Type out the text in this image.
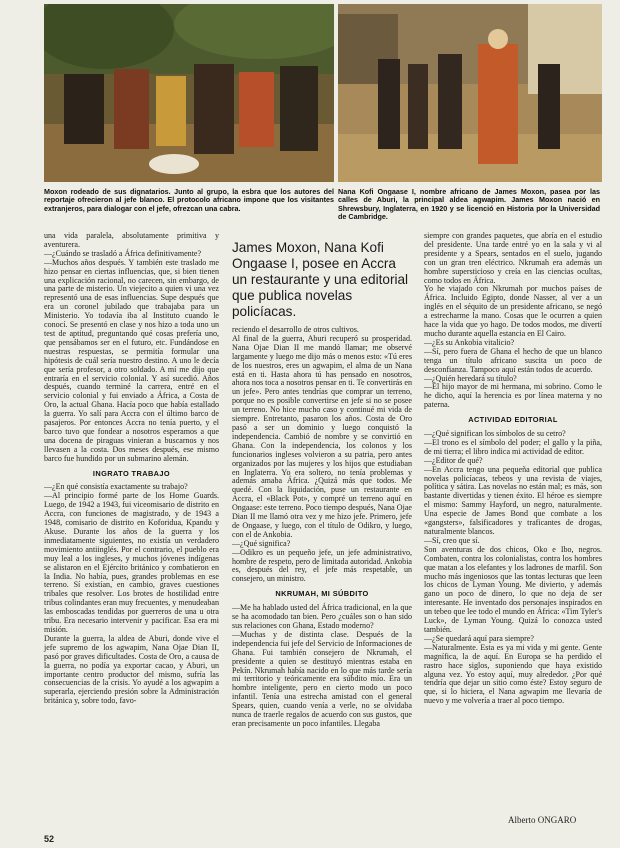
Moxon rodeado de sus dignatarios. Junto al grupo, la esbra que los autores del reportaje ofrecieron al jefe blanco. El protocolo africano impone que los visitantes extranjeros, para dialogar con el jefe, ofrezcan una cabra.
Nana Kofi Ongaase I, nombre africano de James Moxon, pasea por las calles de Aburi, la principal aldea agwapim. James Moxon nació en Shrewsbury, Inglaterra, en 1920 y se licenció en Historia por la Universidad de Cambridge.

una vida paralela, absolutamente primitiva y aventurera.

—¿Cuándo se trasladó a África definitivamente?

—Muchos años después. Y también este traslado me hizo pensar en ciertas influencias, que, si bien tienen una explicación racional, no carecen, sin embargo, de una parte de misterio. Un viejecito a quien vi una vez representó una de esas influencias. Supe después que era un coronel jubilado que trabajaba para un Ministerio. Yo todavía iba al Instituto cuando le conocí. Se presentó en clase y nos hizo a toda uno un test de aptitud, preguntando qué cosas prefería uno, que pensábamos ser en el futuro, etc. Fundándose en nuestras respuestas, se permitía formular una hipótesis de cuál sería nuestro destino. A uno le decía que sería profesor, a otro soldado. A mí me dijo que entraría en el servicio colonial. Y así sucedió. Años después, cuando terminé la carrera, entré en el servicio colonial y fui enviado a África, a Costa de Oro, la actual Ghana. Hacía poco que había estallado la guerra. Yo salí para Accra con el último barco de pasajeros. Por entonces Accra no tenía puerto, y el barco tuvo que fondear a nosotros esperamos a que una docena de piraguas vinieran a buscarnos y nos llevasen a la costa. Dos meses después, ese mismo barco fue hundido por un submarino alemán.

INGRATO TRABAJO

—¿En qué consistía exactamente su trabajo?

—Al principio formé parte de los Home Guards. Luego, de 1942 a 1943, fui viceomisario de distrito en Accra, con funciones de magistrado, y de 1943 a 1948, comisario de distrito en Koforidua, Kpandu y Akuse. Durante los años de la guerra y los inmediatamente siguientes, no existía un verdadero movimiento antiinglés. Por el contrario, el pueblo era muy leal a los ingleses, y muchos jóvenes indígenas se alistaron en el Ejército británico y combatieron en la India. No había, pues, grandes problemas en ese terreno. Sí existían, en cambio, graves cuestiones tribales que resolver. Los brotes de hostilidad entre tribus colindantes eran muy frecuentes, y menudeaban las emboscadas tendidas por guerreros de una u otra tribu. Era necesario intervenir y pacificar. Esa era mi misión.

Durante la guerra, la aldea de Aburi, donde vive el jefe supremo de los agwapim, Nana Ojae Dian II, pasó por graves dificultades. Costa de Oro, a causa de la guerra, no podía ya exportar cacao, y Aburi, un importante centro productor del mismo, sufría las consecuencias de la crisis. Yo ayudé a los agwapim a superarla, ejerciendo presión sobre la Administración británica y, sobre todo, favo-

James Moxon, Nana Kofi Ongaase I, posee en Accra un restaurante y una editorial que publica novelas policíacas.

reciendo el desarrollo de otros cultivos.

Al final de la guerra, Aburi recuperó su prosperidad. Nana Ojae Dian II me mandó llamar; me observé largamente y luego me dijo más o menos esto: «Tú eres de los nuestros, eres un agwapim, el alma de un Nana está en ti. Hasta ahora tú has pensado en nosotros, ahora nos toca a nosotros pensar en ti. Te convertirás en un jefe». Pero antes tendrías que comprar un terreno, porque no es posible convertirse en jefe si no se posee un terreno. No hice mucho caso y continué mi vida de siempre. Entretanto, pasaron los años. Costa de Oro pasó a ser un dominio y luego conquistó la independencia. Cambió de nombre y se convirtió en Ghana. Con la independencia, los colonos y los funcionarios ingleses volvieron a su patria, pero antes organizados por las mujeres y los hijos que estudiaban en Inglaterra. Yo era soltero, no tenía problemas y además amaba África. ¿Quizá más que todos. Me quedé. Con la liquidación, puse un restaurante en Accra, el «Black Pot», y compré un terreno aquí en Ongaase: este terreno. Poco tiempo después, Nana Ojae Dian II me llamó otra vez y me hizo jefe. Primero, jefe de Ongaase, y luego, con el título de Odikro, y luego, con el de Ankobia.

—¿Qué significa?

—Odikro es un pequeño jefe, un jefe administrativo, hombre de respeto, pero de limitada autoridad. Ankobia es, después del rey, el jefe más respetable, un consejero, un ministro.

NKRUMAH, MI SÚBDITO

—Me ha hablado usted del África tradicional, en la que se ha acomodado tan bien. Pero ¿cuáles son o han sido sus relaciones con Ghana, Estado moderno?

—Muchas y de distinta clase. Después de la independencia fui jefe del Servicio de Informaciones de Ghana. Fui también consejero de Nkrumah, el presidente a quien se destituyó mientras estaba en Pekín. Nkrumah había nacido en lo que más tarde sería mi territorio y teóricamente era súbdito mío. Era un hombre inteligente, pero en cierto modo un poco infantil. Tenía una estrecha amistad con el general Spears, quien, cuando venía a verle, no se olvidaba nunca de traerle regalos de acuerdo con sus gustos, que eran precisamente un poco infantiles. Llegaba

siempre con grandes paquetes, que abría en el estudio del presidente. Una tarde entré yo en la sala y vi al presidente y a Spears, sentados en el suelo, jugando con un gran tren eléctrico. Nkrumah era además un hombre supersticioso y creía en las ciencias ocultas, como todos en África.

Yo he viajado con Nkrumah por muchos países de África. Incluido Egipto, donde Nasser, al ver a un inglés en el séquito de un presidente africano, se negó a estrecharme la mano. Cosas que le ocurren a quien hace la vida que yo hago. De todos modos, me divertí mucho durante aquella estancia en El Cairo.

—¿Es su Ankobia vitalicio?

—Sí, pero fuera de Ghana el hecho de que un blanco tenga un título africano suscita un poco de desconfianza. Tampoco aquí están todos de acuerdo.

—¿Quién heredará su título?

—El hijo mayor de mi hermana, mi sobrino. Como le he dicho, aquí la herencia es por línea materna y no paterna.

ACTIVIDAD EDITORIAL

—¿Qué significan los símbolos de su cetro?

—El trono es el símbolo del poder; el gallo y la piña, de mi tierra; el libro indica mi actividad de editor.

—¿Editor de qué?

—En Accra tengo una pequeña editorial que publica novelas policíacas, tebeos y una revista de viajes, política y sátira. Las novelas no están mal; es más, son bastante divertidas y tienen éxito. El héroe es siempre el mismo: Sammy Hayford, un negro, naturalmente. Una especie de James Bond que combate a los «gangsters», falsificadores y traficantes de drogas, naturalmente blancos.

—Sí, creo que sí.

Son aventuras de dos chicos, Oko e Ibo, negros. Combaten, contra los colonialistas, contra los hombres que matan a los elefantes y los ladrones de marfil. Son mucho más ingeniosos que las tontas lecturas que leen los chicos de Lyman Young. Me divierto, y además gano un poco de dinero, lo que no deja de ser interesante. He inventado dos personajes inspirados en un tebeo que lee todo el mundo en África: «Tim Tyler's Luck», de Lyman Young. Quizá lo conozca usted también.

—¿Se quedará aquí para siempre?

—Naturalmente. Esta es ya mi vida y mi gente. Gente magnífica, la de aquí. En Europa se ha perdido el rastro hace siglos, suponiendo que haya existido alguna vez. Yo estoy aquí, muy alrededor. ¿Por qué tendría que dejar un sitio como éste? Estoy seguro de que, si lo hiciera, el Nana agwapim me llevaría de nuevo y me volvería a traer al poco tiempo.

Alberto ONGARO
52
